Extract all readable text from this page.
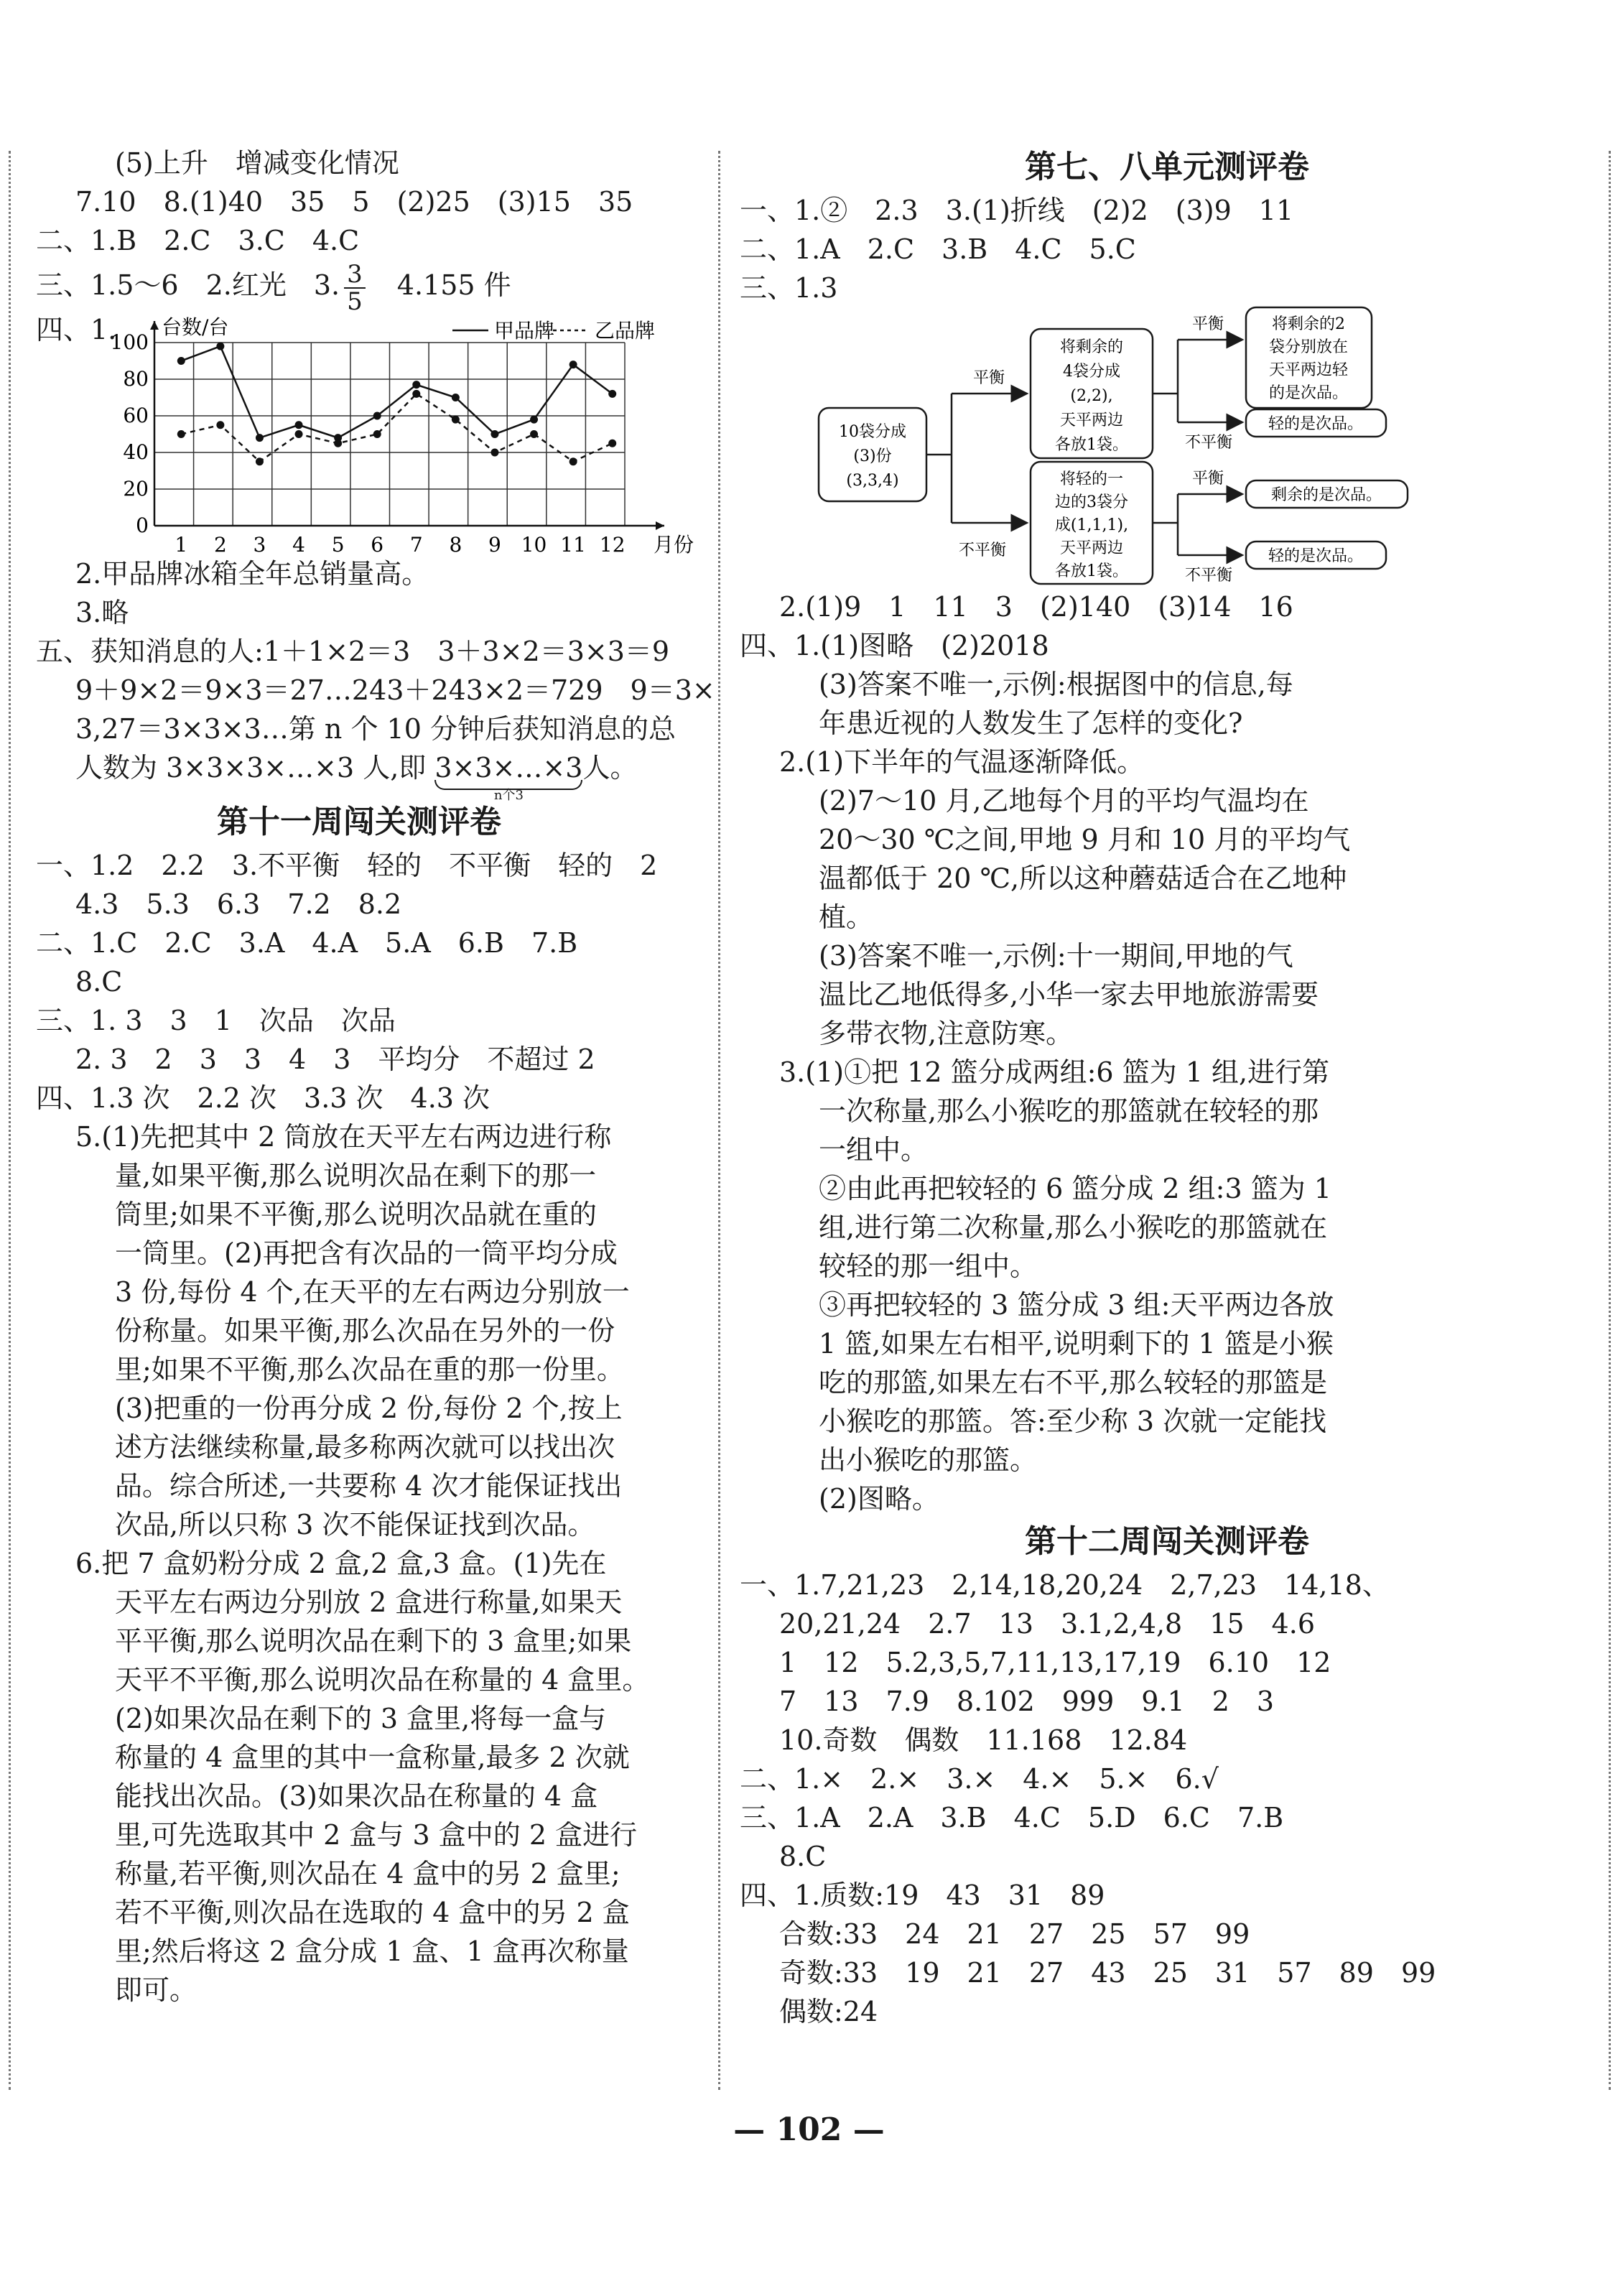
(5)上升　增减变化情况
7.10　8.(1)40　35　5　(2)25　(3)15　35
二、1.B　2.C　3.C　4.C
三、1.5～6　2.红光　3. $\frac{3}{5}$ 　4.155 件
四、1.
0
20
40
60
80
100
1 2 3 4 5 6 7 8 9 10 11 12
台数/台
月份
甲品牌 乙品牌
2.甲品牌冰箱全年总销量高。
3.略
五、获知消息的人:1＋1×2＝3　3＋3×2＝3×3＝9
9＋9×2＝9×3＝27…243＋243×2＝729　9＝3×
3,27＝3×3×3…第 n 个 10 分钟后获知消息的总
人数为 3×3×3×…×3 人,即 3×3×…×3
n个3
人。
第十一周闯关测评卷
一、1.2　2.2　3.不平衡　轻的　不平衡　轻的　2
4.3　5.3　6.3　7.2　8.2
二、1.C　2.C　3.A　4.A　5.A　6.B　7.B
8.C
三、1. 3　3　1　次品　次品
2. 3　2　3　3　4　3　平均分　不超过 2
四、1.3 次　2.2 次　3.3 次　4.3 次
5.(1)先把其中 2 筒放在天平左右两边进行称
量,如果平衡,那么说明次品在剩下的那一
筒里;如果不平衡,那么说明次品就在重的
一筒里。(2)再把含有次品的一筒平均分成
3 份,每份 4 个,在天平的左右两边分别放一
份称量。如果平衡,那么次品在另外的一份
里;如果不平衡,那么次品在重的那一份里。
(3)把重的一份再分成 2 份,每份 2 个,按上
述方法继续称量,最多称两次就可以找出次
品。综合所述,一共要称 4 次才能保证找出
次品,所以只称 3 次不能保证找到次品。
6.把 7 盒奶粉分成 2 盒,2 盒,3 盒。(1)先在
天平左右两边分别放 2 盒进行称量,如果天
平平衡,那么说明次品在剩下的 3 盒里;如果
天平不平衡,那么说明次品在称量的 4 盒里。
(2)如果次品在剩下的 3 盒里,将每一盒与
称量的 4 盒里的其中一盒称量,最多 2 次就
能找出次品。(3)如果次品在称量的 4 盒
里,可先选取其中 2 盒与 3 盒中的 2 盒进行
称量,若平衡,则次品在 4 盒中的另 2 盒里;
若不平衡,则次品在选取的 4 盒中的另 2 盒
里;然后将这 2 盒分成 1 盒、1 盒再次称量
即可。
第七、八单元测评卷
一、1.②　2.3　3.(1)折线　(2)2　(3)9　11
二、1.A　2.C　3.B　4.C　5.C
三、1.3
10袋分成
(3)份
(3,3,4)
平衡
不平衡
将剩余的
4袋分成
(2,2),
天平两边
各放1袋。
将轻的一
边的3袋分
成(1,1,1),
天平两边
各放1袋。
平衡
不平衡
将剩余的2
袋分别放在
天平两边轻
的是次品。
轻的是次品。
平衡
不平衡
剩余的是次品。
轻的是次品。
2.(1)9　1　11　3　(2)140　(3)14　16
四、1.(1)图略　(2)2018
(3)答案不唯一,示例:根据图中的信息,每
年患近视的人数发生了怎样的变化?
2.(1)下半年的气温逐渐降低。
(2)7～10 月,乙地每个月的平均气温均在
20～30 ℃之间,甲地 9 月和 10 月的平均气
温都低于 20 ℃,所以这种蘑菇适合在乙地种
植。
(3)答案不唯一,示例:十一期间,甲地的气
温比乙地低得多,小华一家去甲地旅游需要
多带衣物,注意防寒。
3.(1)①把 12 篮分成两组:6 篮为 1 组,进行第
一次称量,那么小猴吃的那篮就在较轻的那
一组中。
②由此再把较轻的 6 篮分成 2 组:3 篮为 1
组,进行第二次称量,那么小猴吃的那篮就在
较轻的那一组中。
③再把较轻的 3 篮分成 3 组:天平两边各放
1 篮,如果左右相平,说明剩下的 1 篮是小猴
吃的那篮,如果左右不平,那么较轻的那篮是
小猴吃的那篮。答:至少称 3 次就一定能找
出小猴吃的那篮。
(2)图略。
第十二周闯关测评卷
一、1.7,21,23　2,14,18,20,24　2,7,23　14,18、
20,21,24　2.7　13　3.1,2,4,8　15　4.6
1　12　5.2,3,5,7,11,13,17,19　6.10　12
7　13　7.9　8.102　999　9.1　2　3
10.奇数　偶数　11.168　12.84
二、1.×　2.×　3.×　4.×　5.×　6.√
三、1.A　2.A　3.B　4.C　5.D　6.C　7.B
8.C
四、1.质数:19　43　31　89
合数:33　24　21　27　25　57　99
奇数:33　19　21　27　43　25　31　57　89　99
偶数:24
— 102 —
